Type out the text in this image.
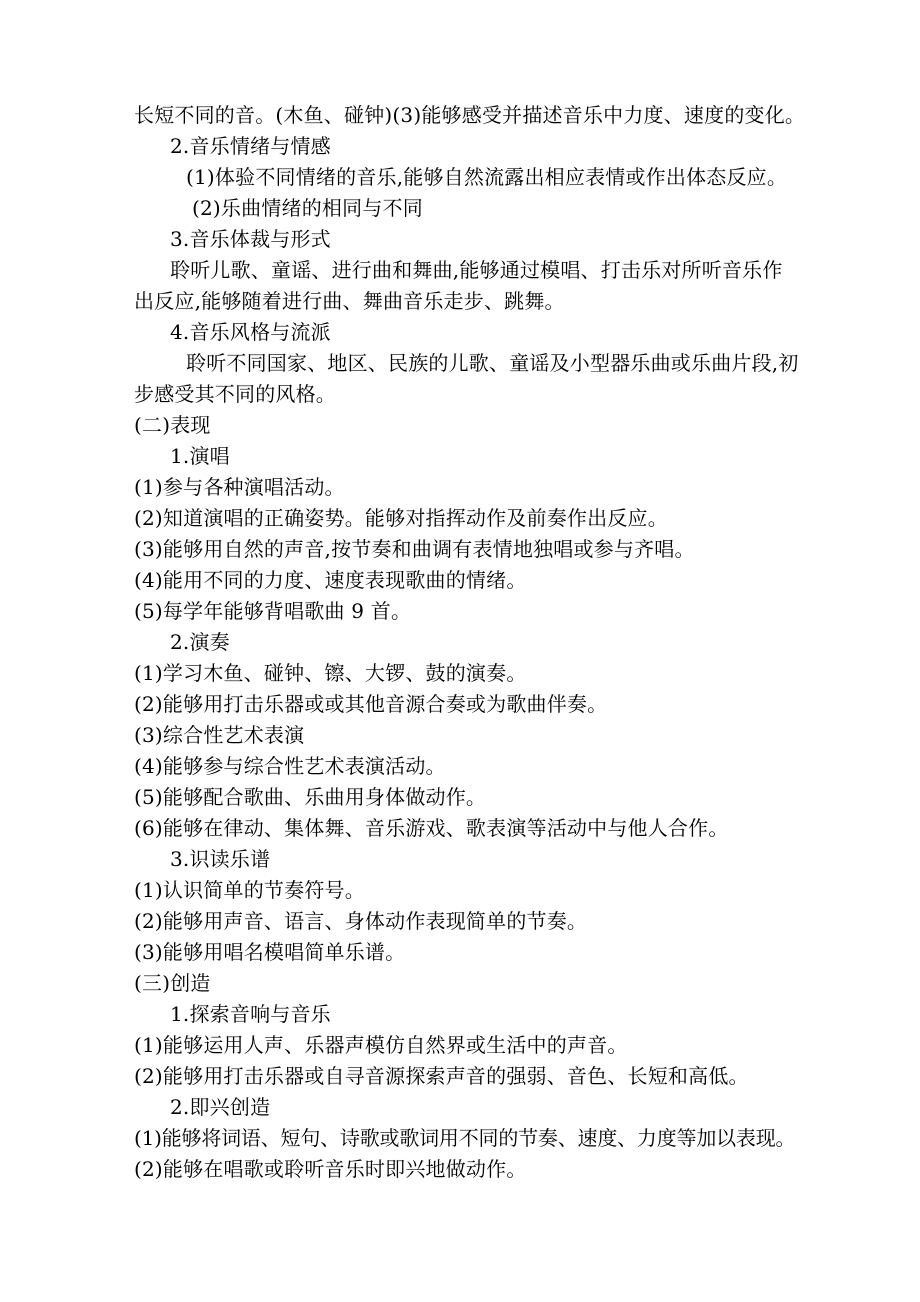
长短不同的音。(木鱼、碰钟)(3)能够感受并描述音乐中力度、速度的变化。
2.音乐情绪与情感
(1)体验不同情绪的音乐,能够自然流露出相应表情或作出体态反应。
(2)乐曲情绪的相同与不同
3.音乐体裁与形式
聆听儿歌、童谣、进行曲和舞曲,能够通过模唱、打击乐对所听音乐作
出反应,能够随着进行曲、舞曲音乐走步、跳舞。
4.音乐风格与流派
聆听不同国家、地区、民族的儿歌、童谣及小型器乐曲或乐曲片段,初
步感受其不同的风格。
(二)表现
1.演唱
(1)参与各种演唱活动。
(2)知道演唱的正确姿势。能够对指挥动作及前奏作出反应。
(3)能够用自然的声音,按节奏和曲调有表情地独唱或参与齐唱。
(4)能用不同的力度、速度表现歌曲的情绪。
(5)每学年能够背唱歌曲 9 首。
2.演奏
(1)学习木鱼、碰钟、镲、大锣、鼓的演奏。
(2)能够用打击乐器或或其他音源合奏或为歌曲伴奏。
(3)综合性艺术表演
(4)能够参与综合性艺术表演活动。
(5)能够配合歌曲、乐曲用身体做动作。
(6)能够在律动、集体舞、音乐游戏、歌表演等活动中与他人合作。
3.识读乐谱
(1)认识简单的节奏符号。
(2)能够用声音、语言、身体动作表现简单的节奏。
(3)能够用唱名模唱简单乐谱。
(三)创造
1.探索音响与音乐
(1)能够运用人声、乐器声模仿自然界或生活中的声音。
(2)能够用打击乐器或自寻音源探索声音的强弱、音色、长短和高低。
2.即兴创造
(1)能够将词语、短句、诗歌或歌词用不同的节奏、速度、力度等加以表现。
(2)能够在唱歌或聆听音乐时即兴地做动作。
